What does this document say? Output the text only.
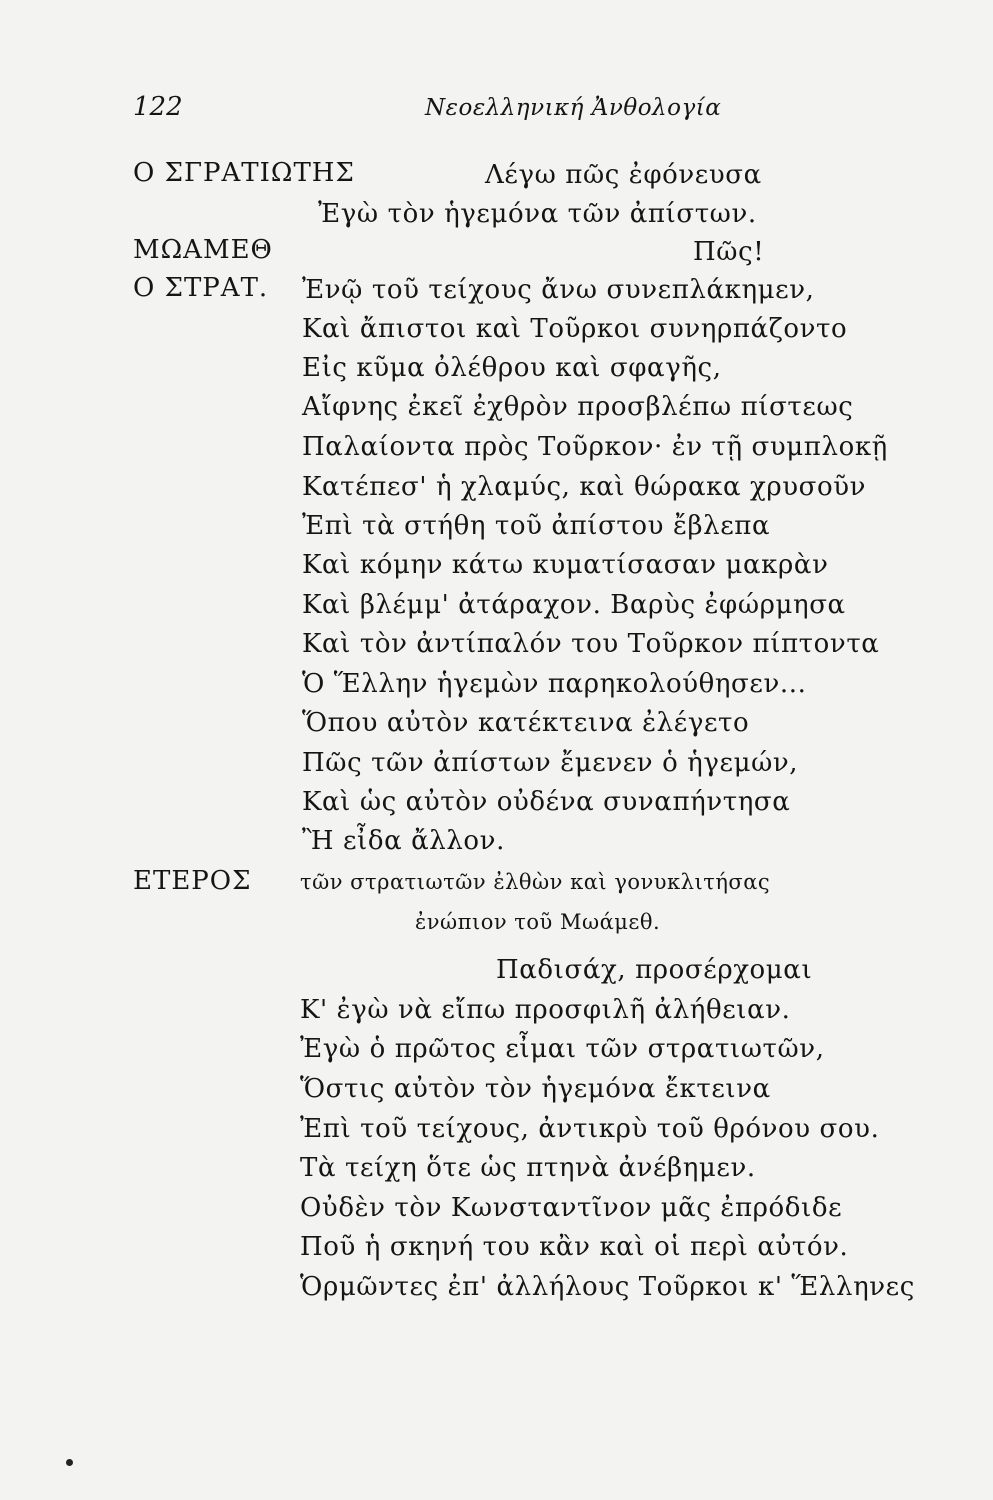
122	Νεοελληνική Ἀνθολογία
Ο ΣΓΡΑΤΙΩΤΗΣ	Λέγω πῶς ἐφόνευσα
Ἐγὼ τὸν ἡγεμόνα τῶν ἀπίστων.
ΜΩΑΜΕΘ	Πῶς!
Ο ΣΤΡΑΤ. Ἐνῷ τοῦ τείχους ἄνω συνεπλάκημεν,
Καὶ ἄπιστοι καὶ Τοῦρκοι συνηρπάζοντο
Εἰς κῦμα ὀλέθρου καὶ σφαγῆς,
Αἴφνης ἐκεῖ ἐχθρὸν προσβλέπω πίστεως
Παλαίοντα πρὸς Τοῦρκον· ἐν τῇ συμπλοκῇ
Κατέπεσ' ἡ χλαμύς, καὶ θώρακα χρυσοῦν
Ἐπὶ τὰ στήθη τοῦ ἀπίστου ἔβλεπα
Καὶ κόμην κάτω κυματίσασαν μακρὰν
Καὶ βλέμμ' ἀτάραχον. Βαρὺς ἐφώρμησα
Καὶ τὸν ἀντίπαλόν του Τοῦρκον πίπτοντα
Ὁ Ἕλλην ἡγεμὼν παρηκολούθησεν...
Ὅπου αὐτὸν κατέκτεινα ἐλέγετο
Πῶς τῶν ἀπίστων ἔμενεν ὁ ἡγεμών,
Καὶ ὡς αὐτὸν οὐδένα συναπήντησα
Ἢ εἶδα ἄλλον.
ΕΤΕΡΟΣ τῶν στρατιωτῶν ἐλθὼν καὶ γονυκλιτήσας
ἐνώπιον τοῦ Μωάμεθ.
Παδισάχ, προσέρχομαι
Κ' ἐγὼ νὰ εἴπω προσφιλῆ ἀλήθειαν.
Ἐγὼ ὁ πρῶτος εἶμαι τῶν στρατιωτῶν,
Ὅστις αὐτὸν τὸν ἡγεμόνα ἔκτεινα
Ἐπὶ τοῦ τείχους, ἀντικρὺ τοῦ θρόνου σου.
Τὰ τείχη ὅτε ὡς πτηνὰ ἀνέβημεν.
Οὐδὲν τὸν Κωνσταντῖνον μᾶς ἐπρόδιδε
Ποῦ ἡ σκηνή του κἂν καὶ οἱ περὶ αὐτόν.
Ὁρμῶντες ἐπ' ἀλλήλους Τοῦρκοι κ' Ἕλληνες
